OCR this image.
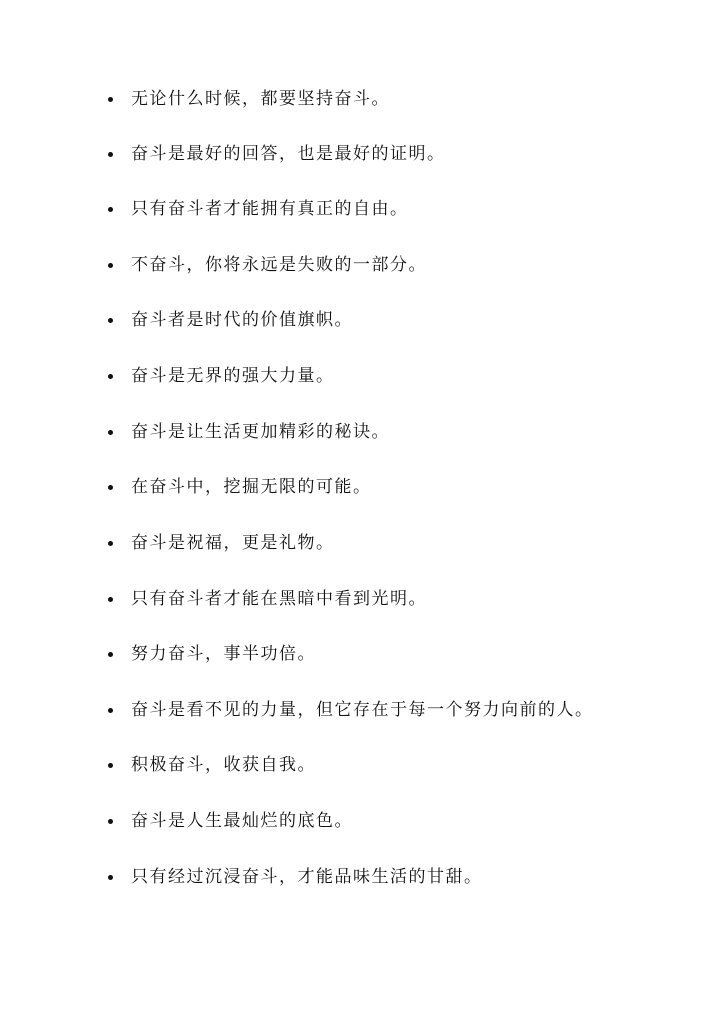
无论什么时候，都要坚持奋斗。
奋斗是最好的回答，也是最好的证明。
只有奋斗者才能拥有真正的自由。
不奋斗，你将永远是失败的一部分。
奋斗者是时代的价值旗帜。
奋斗是无界的强大力量。
奋斗是让生活更加精彩的秘诀。
在奋斗中，挖掘无限的可能。
奋斗是祝福，更是礼物。
只有奋斗者才能在黑暗中看到光明。
努力奋斗，事半功倍。
奋斗是看不见的力量，但它存在于每一个努力向前的人。
积极奋斗，收获自我。
奋斗是人生最灿烂的底色。
只有经过沉浸奋斗，才能品味生活的甘甜。
